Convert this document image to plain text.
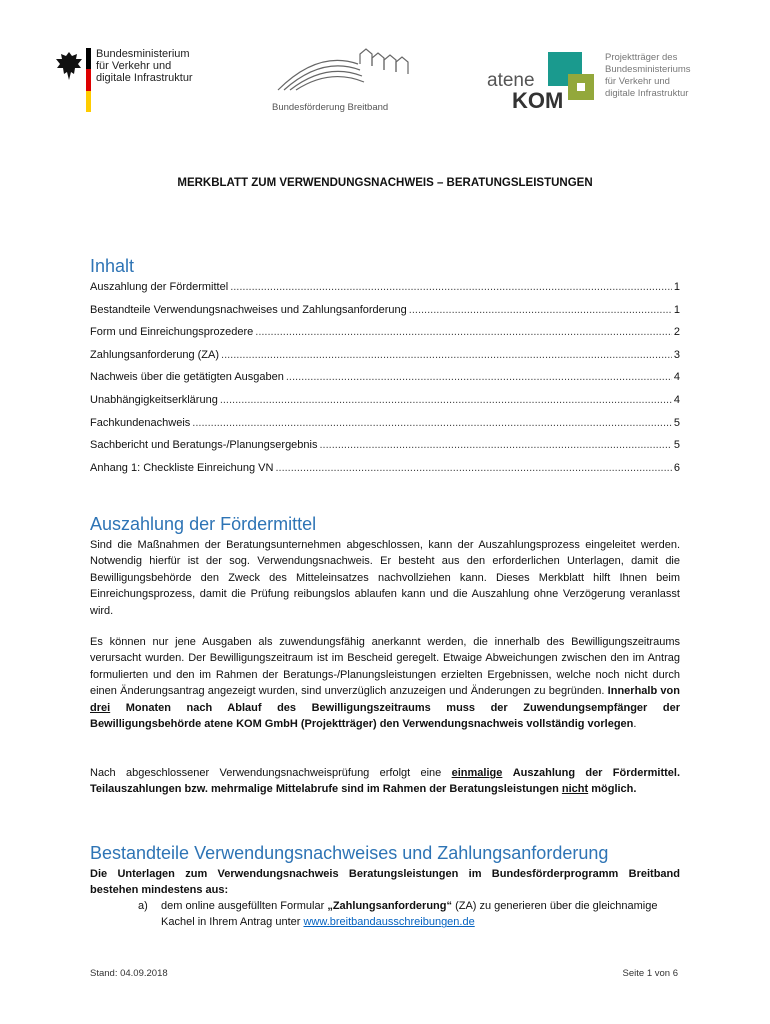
Bundesministerium
für Verkehr und
digitale Infrastruktur
Bundesförderung Breitband
atene
KOM
Projektträger des
Bundesministeriums
für Verkehr und
digitale Infrastruktur
MERKBLATT ZUM VERWENDUNGSNACHWEIS – BERATUNGSLEISTUNGEN
Inhalt
Auszahlung der Fördermittel .....	1
Bestandteile Verwendungsnachweises und Zahlungsanforderung .....	1
Form und Einreichungsprozedere .....	2
Zahlungsanforderung (ZA) .....	3
Nachweis über die getätigten Ausgaben .....	4
Unabhängigkeitserklärung .....	4
Fachkundenachweis .....	5
Sachbericht und Beratungs-/Planungsergebnis .....	5
Anhang 1: Checkliste Einreichung VN .....	6
Auszahlung der Fördermittel

Sind die Maßnahmen der Beratungsunternehmen abgeschlossen, kann der Auszahlungsprozess eingeleitet werden. Notwendig hierfür ist der sog. Verwendungsnachweis. Er besteht aus den erforderlichen Unterlagen, damit die Bewilligungsbehörde den Zweck des Mitteleinsatzes nachvollziehen kann. Dieses Merkblatt hilft Ihnen beim Einreichungsprozess, damit die Prüfung reibungslos ablaufen kann und die Auszahlung ohne Verzögerung veranlasst wird.

Es können nur jene Ausgaben als zuwendungsfähig anerkannt werden, die innerhalb des Bewilligungszeitraums verursacht wurden. Der Bewilligungszeitraum ist im Bescheid geregelt. Etwaige Abweichungen zwischen den im Antrag formulierten und den im Rahmen der Beratungs-/Planungsleistungen erzielten Ergebnissen, welche noch nicht durch einen Änderungsantrag angezeigt wurden, sind unverzüglich anzuzeigen und Änderungen zu begründen. Innerhalb von drei Monaten nach Ablauf des Bewilligungszeitraums muss der Zuwendungsempfänger der Bewilligungsbehörde atene KOM GmbH (Projektträger) den Verwendungsnachweis vollständig vorlegen.

Nach abgeschlossener Verwendungsnachweisprüfung erfolgt eine einmalige Auszahlung der Fördermittel. Teilauszahlungen bzw. mehrmalige Mittelabrufe sind im Rahmen der Beratungsleistungen nicht möglich.

Bestandteile Verwendungsnachweises und Zahlungsanforderung

Die Unterlagen zum Verwendungsnachweis Beratungsleistungen im Bundesförderprogramm Breitband bestehen mindestens aus:

a) dem online ausgefüllten Formular „Zahlungsanforderung“ (ZA) zu generieren über die gleichnamige Kachel in Ihrem Antrag unter www.breitbandausschreibungen.de
Stand: 04.09.2018	Seite 1 von 6
